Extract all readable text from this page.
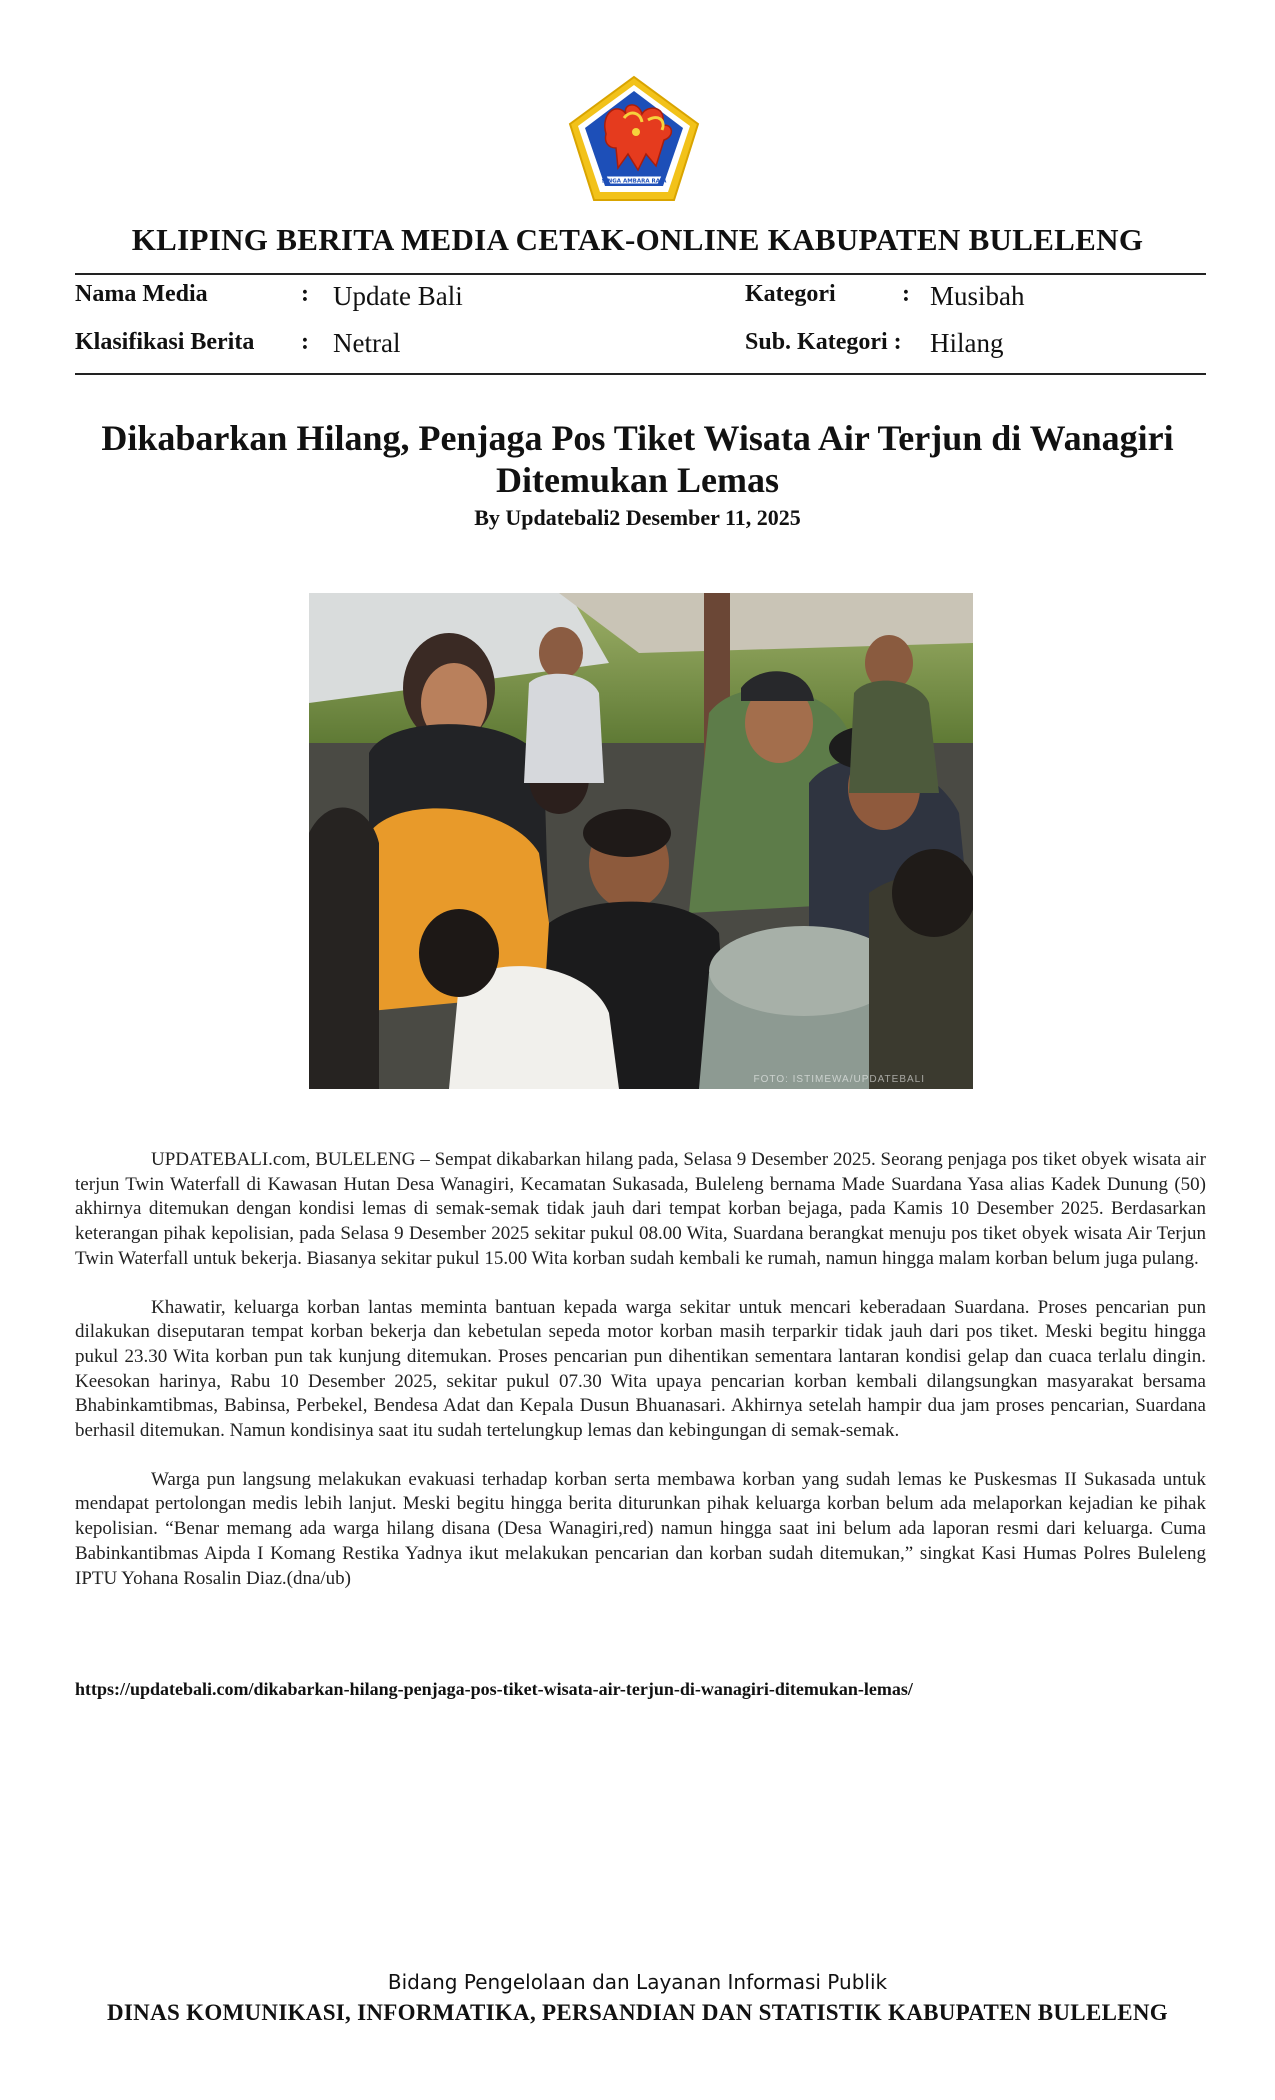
SINGA AMBARA RAJA
KLIPING BERITA MEDIA CETAK-ONLINE KABUPATEN BULELENG
Nama Media	: Update Bali	Kategori	: Musibah
Klasifikasi Berita : Netral	Sub. Kategori : Hilang
Dikabarkan Hilang, Penjaga Pos Tiket Wisata Air Terjun di Wanagiri
Ditemukan Lemas
By Updatebali2 Desember 11, 2025
FOTO: ISTIMEWA/UPDATEBALI

UPDATEBALI.com, BULELENG – Sempat dikabarkan hilang pada, Selasa 9 Desember 2025. Seorang penjaga pos tiket obyek wisata air terjun Twin Waterfall di Kawasan Hutan Desa Wanagiri, Kecamatan Sukasada, Buleleng bernama Made Suardana Yasa alias Kadek Dunung (50) akhirnya ditemukan dengan kondisi lemas di semak-semak tidak jauh dari tempat korban bejaga, pada Kamis 10 Desember 2025. Berdasarkan keterangan pihak kepolisian, pada Selasa 9 Desember 2025 sekitar pukul 08.00 Wita, Suardana berangkat menuju pos tiket obyek wisata Air Terjun Twin Waterfall untuk bekerja. Biasanya sekitar pukul 15.00 Wita korban sudah kembali ke rumah, namun hingga malam korban belum juga pulang.

Khawatir, keluarga korban lantas meminta bantuan kepada warga sekitar untuk mencari keberadaan Suardana. Proses pencarian pun dilakukan diseputaran tempat korban bekerja dan kebetulan sepeda motor korban masih terparkir tidak jauh dari pos tiket. Meski begitu hingga pukul 23.30 Wita korban pun tak kunjung ditemukan. Proses pencarian pun dihentikan sementara lantaran kondisi gelap dan cuaca terlalu dingin. Keesokan harinya, Rabu 10 Desember 2025, sekitar pukul 07.30 Wita upaya pencarian korban kembali dilangsungkan masyarakat bersama Bhabinkamtibmas, Babinsa, Perbekel, Bendesa Adat dan Kepala Dusun Bhuanasari. Akhirnya setelah hampir dua jam proses pencarian, Suardana berhasil ditemukan. Namun kondisinya saat itu sudah tertelungkup lemas dan kebingungan di semak-semak.

Warga pun langsung melakukan evakuasi terhadap korban serta membawa korban yang sudah lemas ke Puskesmas II Sukasada untuk mendapat pertolongan medis lebih lanjut. Meski begitu hingga berita diturunkan pihak keluarga korban belum ada melaporkan kejadian ke pihak kepolisian. “Benar memang ada warga hilang disana (Desa Wanagiri,red) namun hingga saat ini belum ada laporan resmi dari keluarga. Cuma Babinkantibmas Aipda I Komang Restika Yadnya ikut melakukan pencarian dan korban sudah ditemukan,” singkat Kasi Humas Polres Buleleng IPTU Yohana Rosalin Diaz.(dna/ub)

https://updatebali.com/dikabarkan-hilang-penjaga-pos-tiket-wisata-air-terjun-di-wanagiri-ditemukan-lemas/
Bidang Pengelolaan dan Layanan Informasi Publik
DINAS KOMUNIKASI, INFORMATIKA, PERSANDIAN DAN STATISTIK KABUPATEN BULELENG
